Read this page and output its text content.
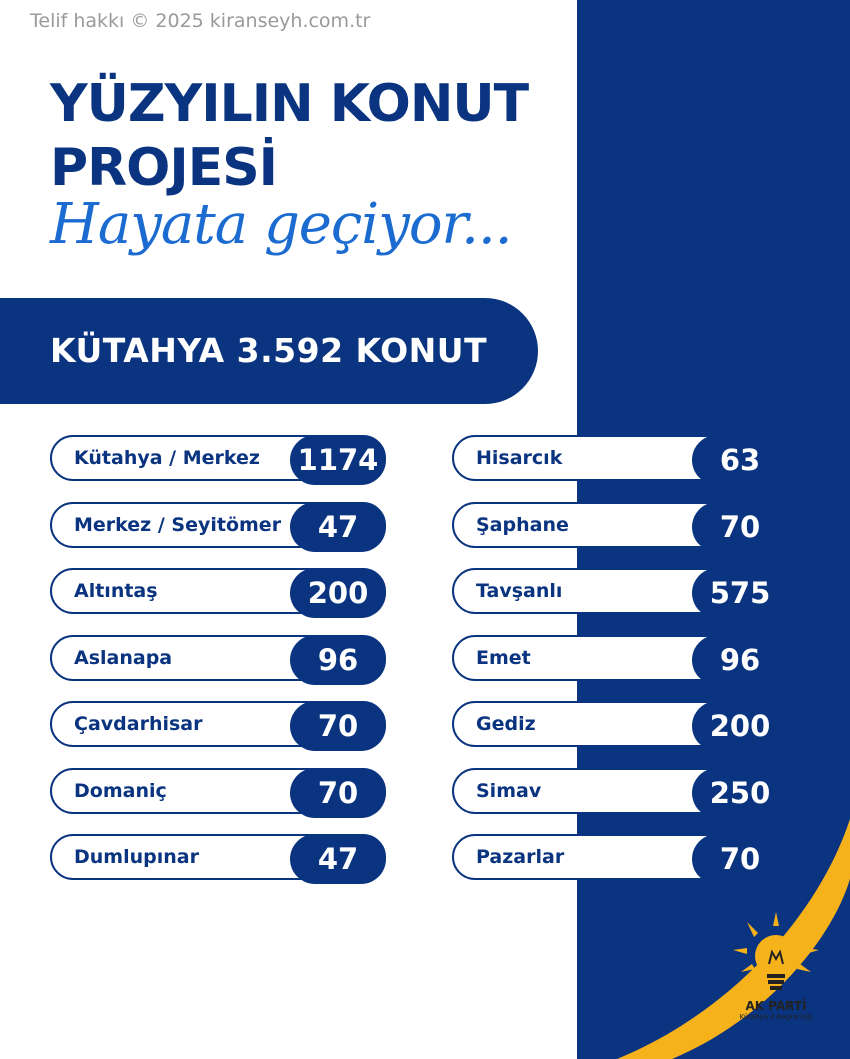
Telif hakkı © 2025 kiranseyh.com.tr
YÜZYILIN KONUT
PROJESİ
Hayata geçiyor...
KÜTAHYA 3.592 KONUT
Kütahya / Merkez 1174
Merkez / Seyitömer	47
Altıntaş	200
Aslanapa	96
Çavdarhisar	70
Domaniç	70
Dumlupınar	47
Hisarcık	63
Şaphane	70
Tavşanlı	575
Emet	96
Gediz	200
Simav	250
Pazarlar	70
AK PARTİ
Kütahya İl Başkanlığı
